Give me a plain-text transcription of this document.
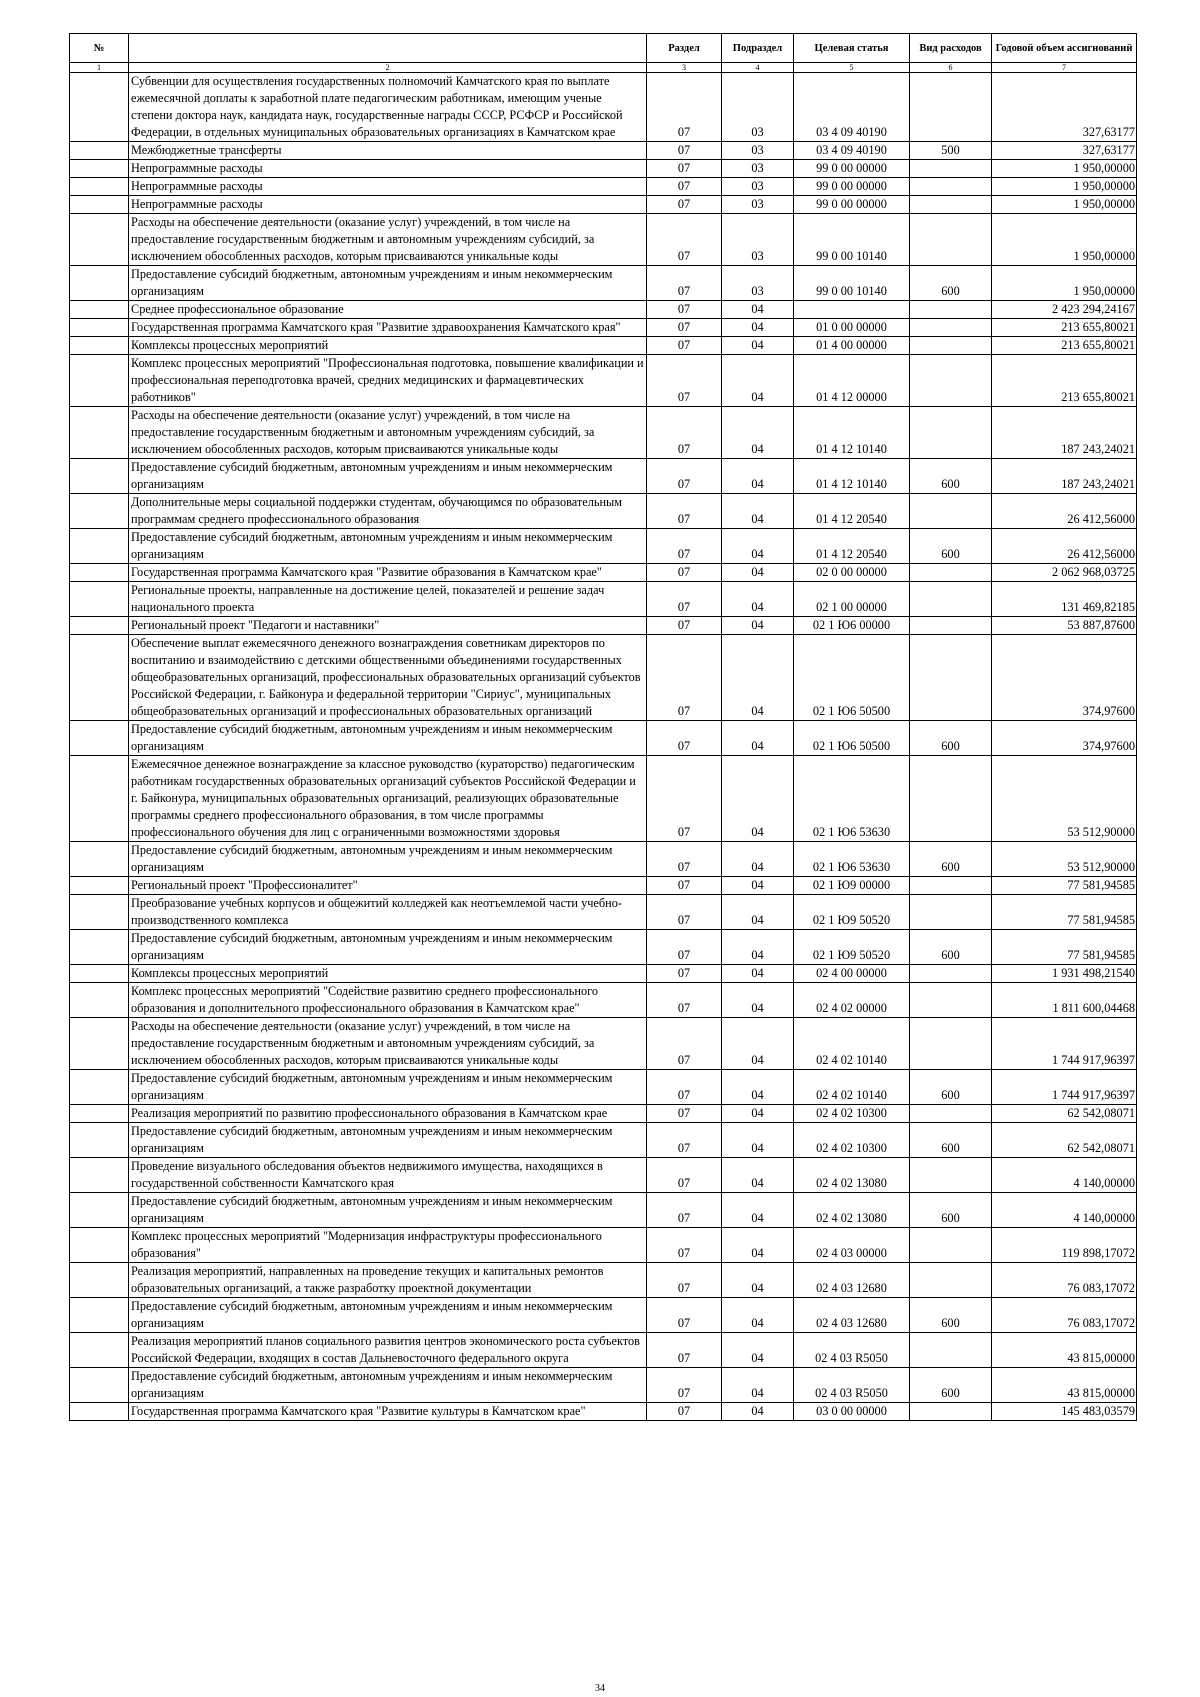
№		Раздел	Подраздел	Целевая статья	Вид расходов	Годовой объем ассигнований
1	2	3	4	5	6	7
	Субвенции для осуществления государственных полномочий Камчатского края по выплате ежемесячной доплаты к заработной плате педагогическим работникам, имеющим ученые степени доктора наук, кандидата наук, государственные награды СССР, РСФСР и Российской Федерации, в отдельных муниципальных образовательных организациях в Камчатском крае	07	03	03 4 09 40190		327,63177
	Межбюджетные трансферты	07	03	03 4 09 40190	500	327,63177
	Непрограммные расходы	07	03	99 0 00 00000		1 950,00000
	Непрограммные расходы	07	03	99 0 00 00000		1 950,00000
	Непрограммные расходы	07	03	99 0 00 00000		1 950,00000
	Расходы на обеспечение деятельности (оказание услуг) учреждений, в том числе на предоставление государственным бюджетным и автономным учреждениям субсидий, за исключением обособленных расходов, которым присваиваются уникальные коды	07	03	99 0 00 10140		1 950,00000
	Предоставление субсидий бюджетным, автономным учреждениям и иным некоммерческим организациям	07	03	99 0 00 10140	600	1 950,00000
	Среднее профессиональное образование	07	04			2 423 294,24167
	Государственная программа Камчатского края "Развитие здравоохранения Камчатского края"	07	04	01 0 00 00000		213 655,80021
	Комплексы процессных мероприятий	07	04	01 4 00 00000		213 655,80021
	Комплекс процессных мероприятий "Профессиональная подготовка, повышение квалификации и профессиональная переподготовка врачей, средних медицинских и фармацевтических работников"	07	04	01 4 12 00000		213 655,80021
	Расходы на обеспечение деятельности (оказание услуг) учреждений, в том числе на предоставление государственным бюджетным и автономным учреждениям субсидий, за исключением обособленных расходов, которым присваиваются уникальные коды	07	04	01 4 12 10140		187 243,24021
	Предоставление субсидий бюджетным, автономным учреждениям и иным некоммерческим организациям	07	04	01 4 12 10140	600	187 243,24021
	Дополнительные меры социальной поддержки студентам, обучающимся по образовательным программам среднего профессионального образования	07	04	01 4 12 20540		26 412,56000
	Предоставление субсидий бюджетным, автономным учреждениям и иным некоммерческим организациям	07	04	01 4 12 20540	600	26 412,56000
	Государственная программа Камчатского края "Развитие образования в Камчатском крае"	07	04	02 0 00 00000		2 062 968,03725
	Региональные проекты, направленные на достижение целей, показателей и решение задач национального проекта	07	04	02 1 00 00000		131 469,82185
	Региональный проект "Педагоги и наставники"	07	04	02 1 Ю6 00000		53 887,87600
	Обеспечение выплат ежемесячного денежного вознаграждения советникам директоров по воспитанию и взаимодействию с детскими общественными объединениями государственных общеобразовательных организаций, профессиональных образовательных организаций субъектов Российской Федерации, г. Байконура и федеральной территории "Сириус", муниципальных общеобразовательных организаций и профессиональных образовательных организаций	07	04	02 1 Ю6 50500		374,97600
	Предоставление субсидий бюджетным, автономным учреждениям и иным некоммерческим организациям	07	04	02 1 Ю6 50500	600	374,97600
	Ежемесячное денежное вознаграждение за классное руководство (кураторство) педагогическим работникам государственных образовательных организаций субъектов Российской Федерации и г. Байконура, муниципальных образовательных организаций, реализующих образовательные программы среднего профессионального образования, в том числе программы профессионального обучения для лиц с ограниченными возможностями здоровья	07	04	02 1 Ю6 53630		53 512,90000
	Предоставление субсидий бюджетным, автономным учреждениям и иным некоммерческим организациям	07	04	02 1 Ю6 53630	600	53 512,90000
	Региональный проект "Профессионалитет"	07	04	02 1 Ю9 00000		77 581,94585
	Преобразование учебных корпусов и общежитий колледжей как неотъемлемой части учебно-производственного комплекса	07	04	02 1 Ю9 50520		77 581,94585
	Предоставление субсидий бюджетным, автономным учреждениям и иным некоммерческим организациям	07	04	02 1 Ю9 50520	600	77 581,94585
	Комплексы процессных мероприятий	07	04	02 4 00 00000		1 931 498,21540
	Комплекс процессных мероприятий "Содействие развитию среднего профессионального образования и дополнительного профессионального образования в Камчатском крае"	07	04	02 4 02 00000		1 811 600,04468
	Расходы на обеспечение деятельности (оказание услуг) учреждений, в том числе на предоставление государственным бюджетным и автономным учреждениям субсидий, за исключением обособленных расходов, которым присваиваются уникальные коды	07	04	02 4 02 10140		1 744 917,96397
	Предоставление субсидий бюджетным, автономным учреждениям и иным некоммерческим организациям	07	04	02 4 02 10140	600	1 744 917,96397
	Реализация мероприятий по развитию профессионального образования в Камчатском крае	07	04	02 4 02 10300		62 542,08071
	Предоставление субсидий бюджетным, автономным учреждениям и иным некоммерческим организациям	07	04	02 4 02 10300	600	62 542,08071
	Проведение визуального обследования объектов недвижимого имущества, находящихся в государственной собственности Камчатского края	07	04	02 4 02 13080		4 140,00000
	Предоставление субсидий бюджетным, автономным учреждениям и иным некоммерческим организациям	07	04	02 4 02 13080	600	4 140,00000
	Комплекс процессных мероприятий "Модернизация инфраструктуры профессионального образования"	07	04	02 4 03 00000		119 898,17072
	Реализация мероприятий, направленных на проведение текущих и капитальных ремонтов образовательных организаций, а также разработку проектной документации	07	04	02 4 03 12680		76 083,17072
	Предоставление субсидий бюджетным, автономным учреждениям и иным некоммерческим организациям	07	04	02 4 03 12680	600	76 083,17072
	Реализация мероприятий планов социального развития центров экономического роста субъектов Российской Федерации, входящих в состав Дальневосточного федерального округа	07	04	02 4 03 R5050		43 815,00000
	Предоставление субсидий бюджетным, автономным учреждениям и иным некоммерческим организациям	07	04	02 4 03 R5050	600	43 815,00000
	Государственная программа Камчатского края "Развитие культуры в Камчатском крае"	07	04	03 0 00 00000		145 483,03579
34
